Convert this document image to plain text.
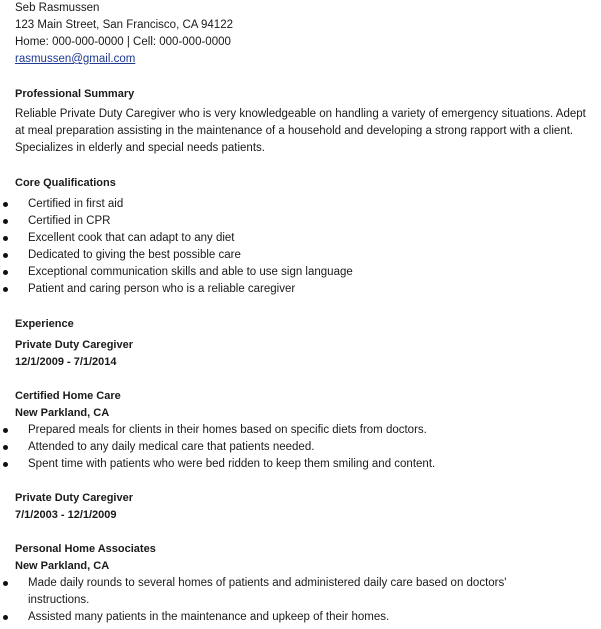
Seb Rasmussen
123 Main Street, San Francisco, CA 94122
Home: 000-000-0000 | Cell: 000-000-0000
rasmussen@gmail.com
Professional Summary
Reliable Private Duty Caregiver who is very knowledgeable on handling a variety of emergency situations. Adept at meal preparation assisting in the maintenance of a household and developing a strong rapport with a client. Specializes in elderly and special needs patients.
Core Qualifications
Certified in first aid
Certified in CPR
Excellent cook that can adapt to any diet
Dedicated to giving the best possible care
Exceptional communication skills and able to use sign language
Patient and caring person who is a reliable caregiver
Experience
Private Duty Caregiver
12/1/2009 - 7/1/2014
Certified Home Care
New Parkland, CA
Prepared meals for clients in their homes based on specific diets from doctors.
Attended to any daily medical care that patients needed.
Spent time with patients who were bed ridden to keep them smiling and content.
Private Duty Caregiver
7/1/2003 - 12/1/2009
Personal Home Associates
New Parkland, CA
Made daily rounds to several homes of patients and administered daily care based on doctors' instructions.
Assisted many patients in the maintenance and upkeep of their homes.
